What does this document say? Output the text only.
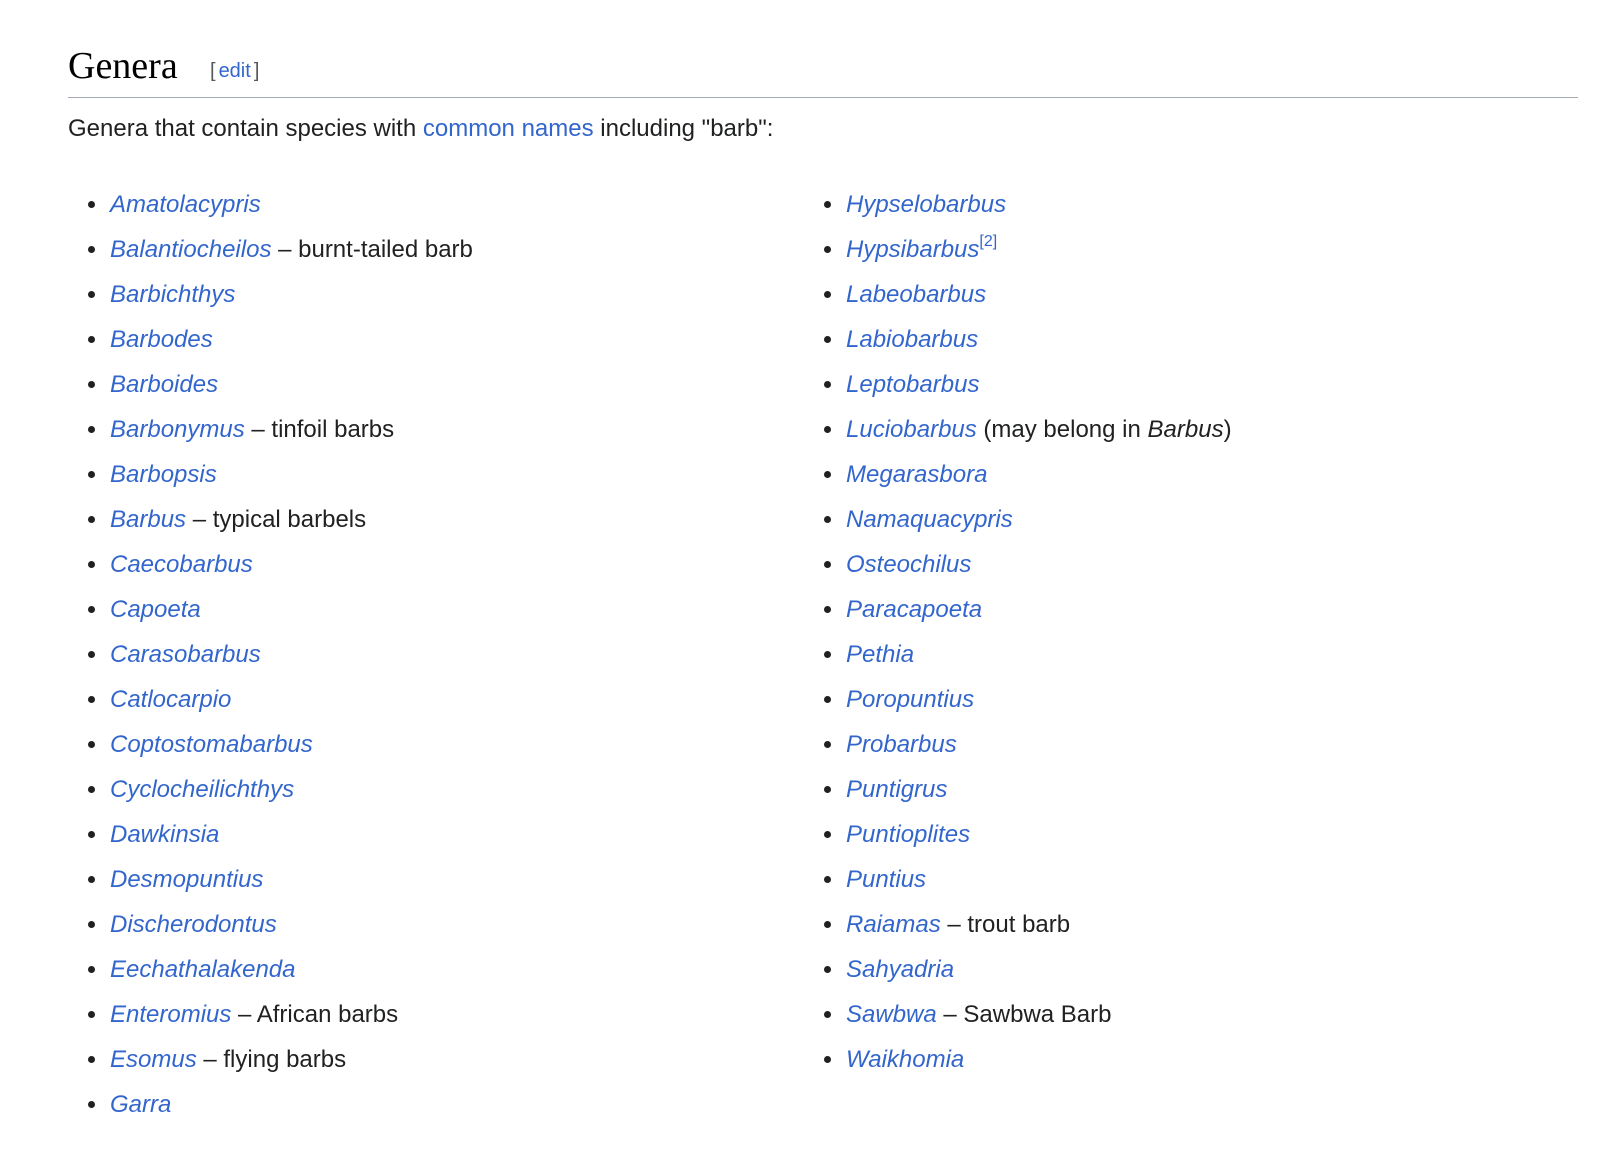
Genera [ edit ]

Genera that contain species with common names including "barb":

Amatolacypris
Balantiocheilos – burnt-tailed barb
Barbichthys
Barbodes
Barboides
Barbonymus – tinfoil barbs
Barbopsis
Barbus – typical barbels
Caecobarbus
Capoeta
Carasobarbus
Catlocarpio
Coptostomabarbus
Cyclocheilichthys
Dawkinsia
Desmopuntius
Discherodontus
Eechathalakenda
Enteromius – African barbs
Esomus – flying barbs
Garra
Hypselobarbus
Hypsibarbus[2]
Labeobarbus
Labiobarbus
Leptobarbus
Luciobarbus (may belong in Barbus)
Megarasbora
Namaquacypris
Osteochilus
Paracapoeta
Pethia
Poropuntius
Probarbus
Puntigrus
Puntioplites
Puntius
Raiamas – trout barb
Sahyadria
Sawbwa – Sawbwa Barb
Waikhomia
